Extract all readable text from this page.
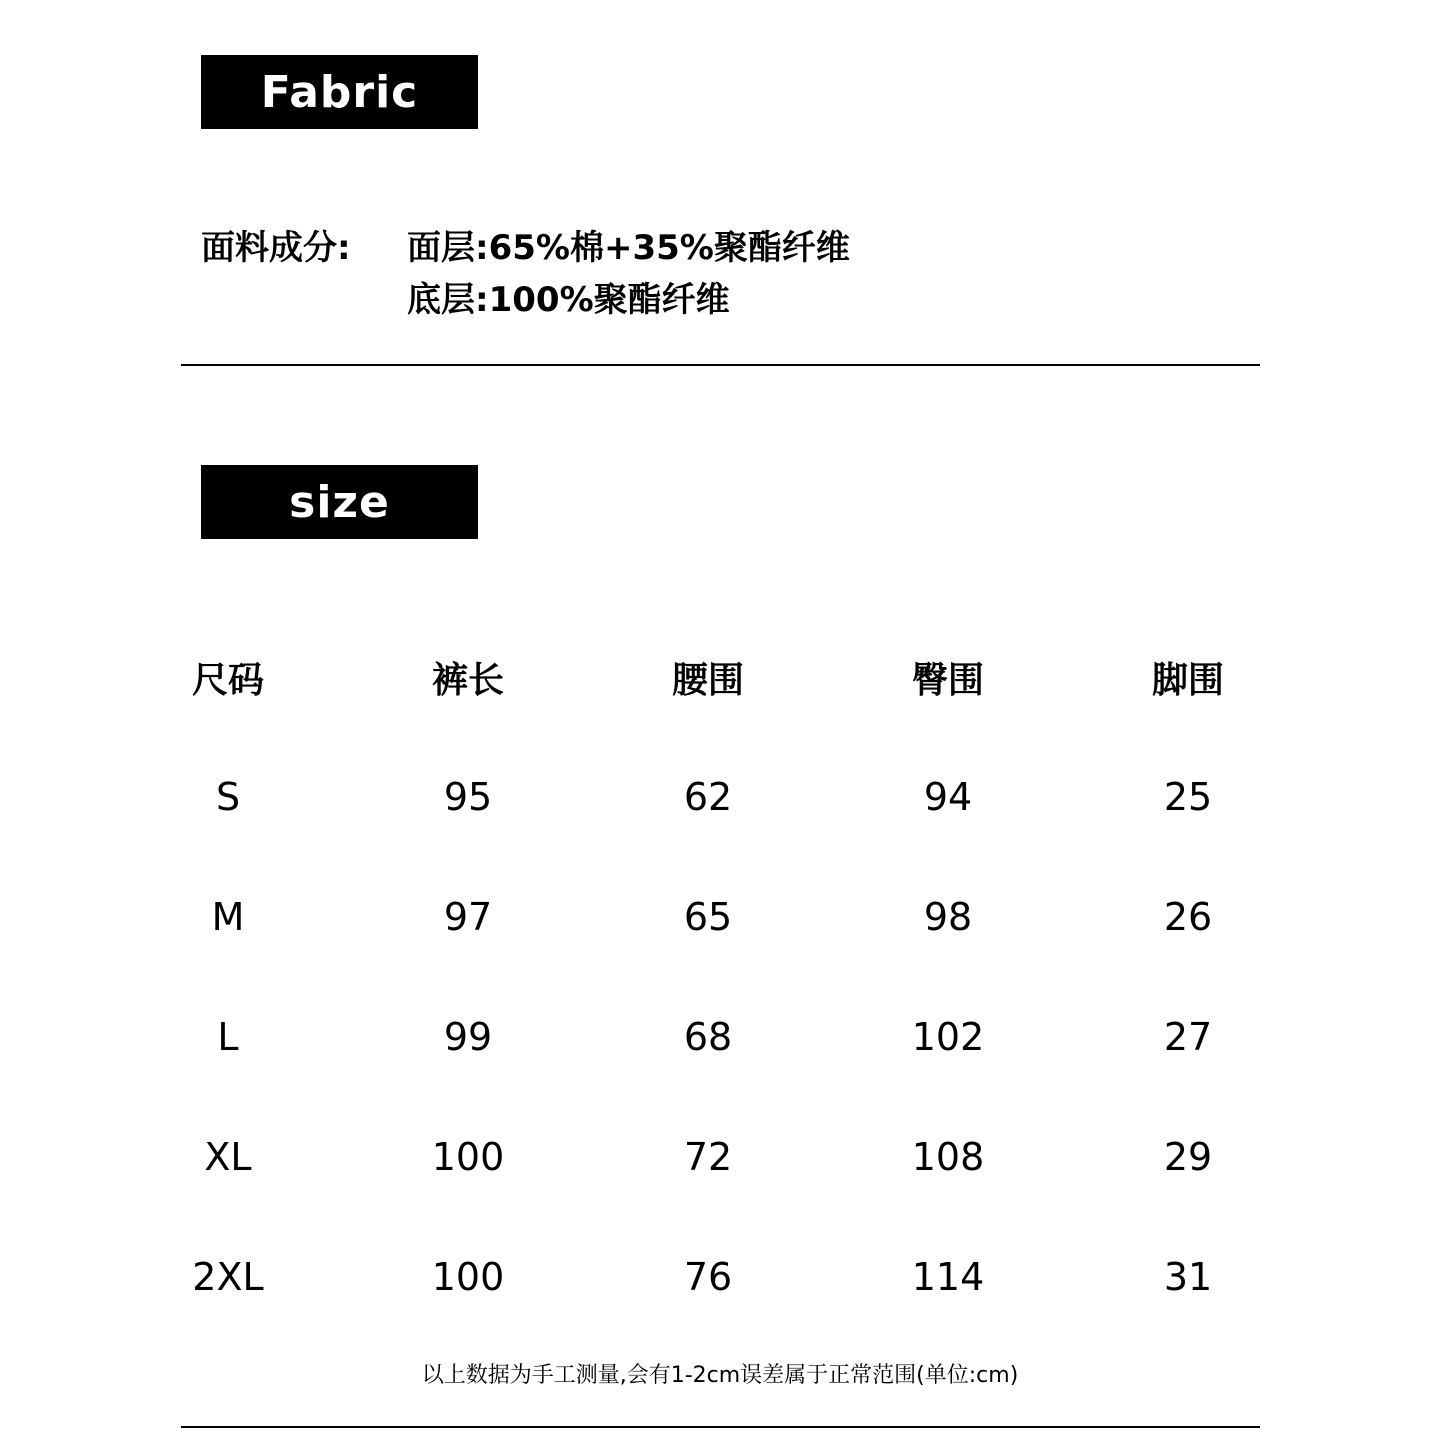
Fabric
面料成分: 面层:65%棉+35%聚酯纤维
底层:100%聚酯纤维
size
尺码	裤长	腰围	臀围	脚围
S	95	62	94	25
M	97	65	98	26
L	99	68	102	27
XL	100	72	108	29
2XL	100	76	114	31
以上数据为手工测量,会有1-2cm误差属于正常范围(单位:cm)
